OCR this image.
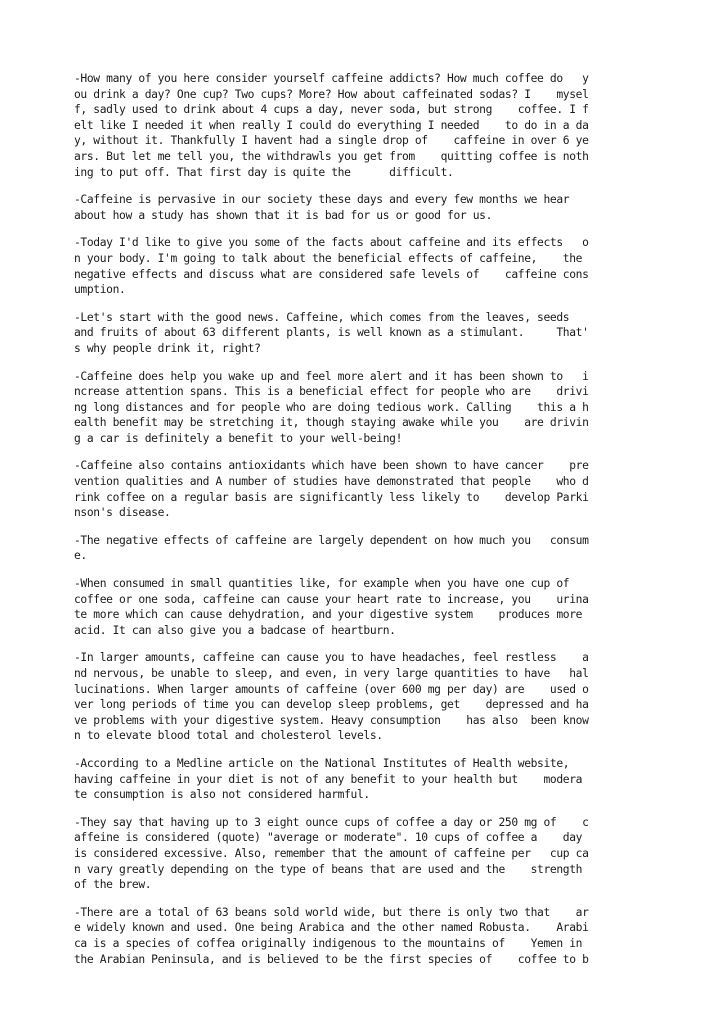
-How many of you here consider yourself caffeine addicts? How much coffee do   y
ou drink a day? One cup? Two cups? More? How about caffeinated sodas? I    mysel
f, sadly used to drink about 4 cups a day, never soda, but strong    coffee. I f
elt like I needed it when really I could do everything I needed    to do in a da
y, without it. Thankfully I havent had a single drop of    caffeine in over 6 ye
ars. But let me tell you, the withdrawls you get from    quitting coffee is noth
ing to put off. That first day is quite the      difficult.
-Caffeine is pervasive in our society these days and every few months we hear
about how a study has shown that it is bad for us or good for us.
-Today I'd like to give you some of the facts about caffeine and its effects   o
n your body. I'm going to talk about the beneficial effects of caffeine,    the
negative effects and discuss what are considered safe levels of    caffeine cons
umption.
-Let's start with the good news. Caffeine, which comes from the leaves, seeds
and fruits of about 63 different plants, is well known as a stimulant.     That'
s why people drink it, right?
-Caffeine does help you wake up and feel more alert and it has been shown to   i
ncrease attention spans. This is a beneficial effect for people who are    drivi
ng long distances and for people who are doing tedious work. Calling    this a h
ealth benefit may be stretching it, though staying awake while you    are drivin
g a car is definitely a benefit to your well-being!
-Caffeine also contains antioxidants which have been shown to have cancer    pre
vention qualities and A number of studies have demonstrated that people    who d
rink coffee on a regular basis are significantly less likely to    develop Parki
nson's disease.
-The negative effects of caffeine are largely dependent on how much you   consum
e.
-When consumed in small quantities like, for example when you have one cup of
coffee or one soda, caffeine can cause your heart rate to increase, you    urina
te more which can cause dehydration, and your digestive system    produces more
acid. It can also give you a badcase of heartburn.
-In larger amounts, caffeine can cause you to have headaches, feel restless    a
nd nervous, be unable to sleep, and even, in very large quantities to have   hal
lucinations. When larger amounts of caffeine (over 600 mg per day) are    used o
ver long periods of time you can develop sleep problems, get    depressed and ha
ve problems with your digestive system. Heavy consumption    has also  been know
n to elevate blood total and cholesterol levels.
-According to a Medline article on the National Institutes of Health website,
having caffeine in your diet is not of any benefit to your health but    modera
te consumption is also not considered harmful.
-They say that having up to 3 eight ounce cups of coffee a day or 250 mg of    c
affeine is considered (quote) "average or moderate". 10 cups of coffee a    day
is considered excessive. Also, remember that the amount of caffeine per   cup ca
n vary greatly depending on the type of beans that are used and the    strength
of the brew.
-There are a total of 63 beans sold world wide, but there is only two that    ar
e widely known and used. One being Arabica and the other named Robusta.    Arabi
ca is a species of coffea originally indigenous to the mountains of    Yemen in
the Arabian Peninsula, and is believed to be the first species of    coffee to b
